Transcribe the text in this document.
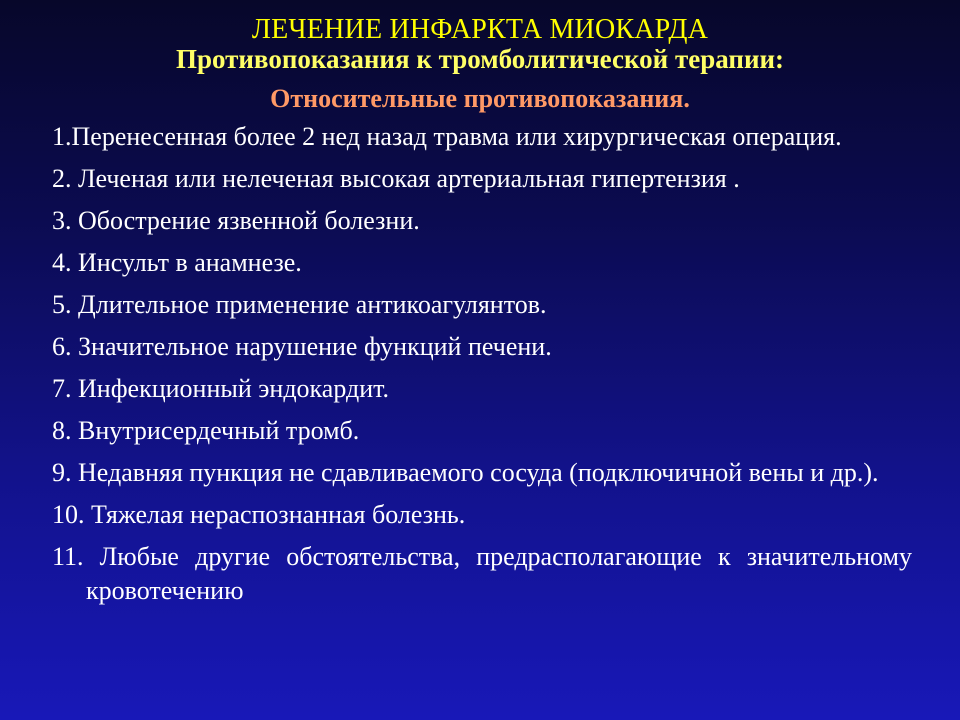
ЛЕЧЕНИЕ ИНФАРКТА МИОКАРДА
Противопоказания к тромболитической терапии:
Относительные противопоказания.
1.Перенесенная более 2 нед назад травма или хирургическая операция.
2. Леченая или нелеченая высокая артериальная гипертензия .
3. Обострение язвенной болезни.
4. Инсульт в анамнезе.
5. Длительное применение антикоагулянтов.
6. Значительное нарушение функций печени.
7. Инфекционный эндокардит.
8. Внутрисердечный тромб.
9. Недавняя пункция не сдавливаемого сосуда (подключичной вены и др.).
10. Тяжелая нераспознанная болезнь.
11. Любые другие обстоятельства, предрасполагающие к значительному кровотечению
